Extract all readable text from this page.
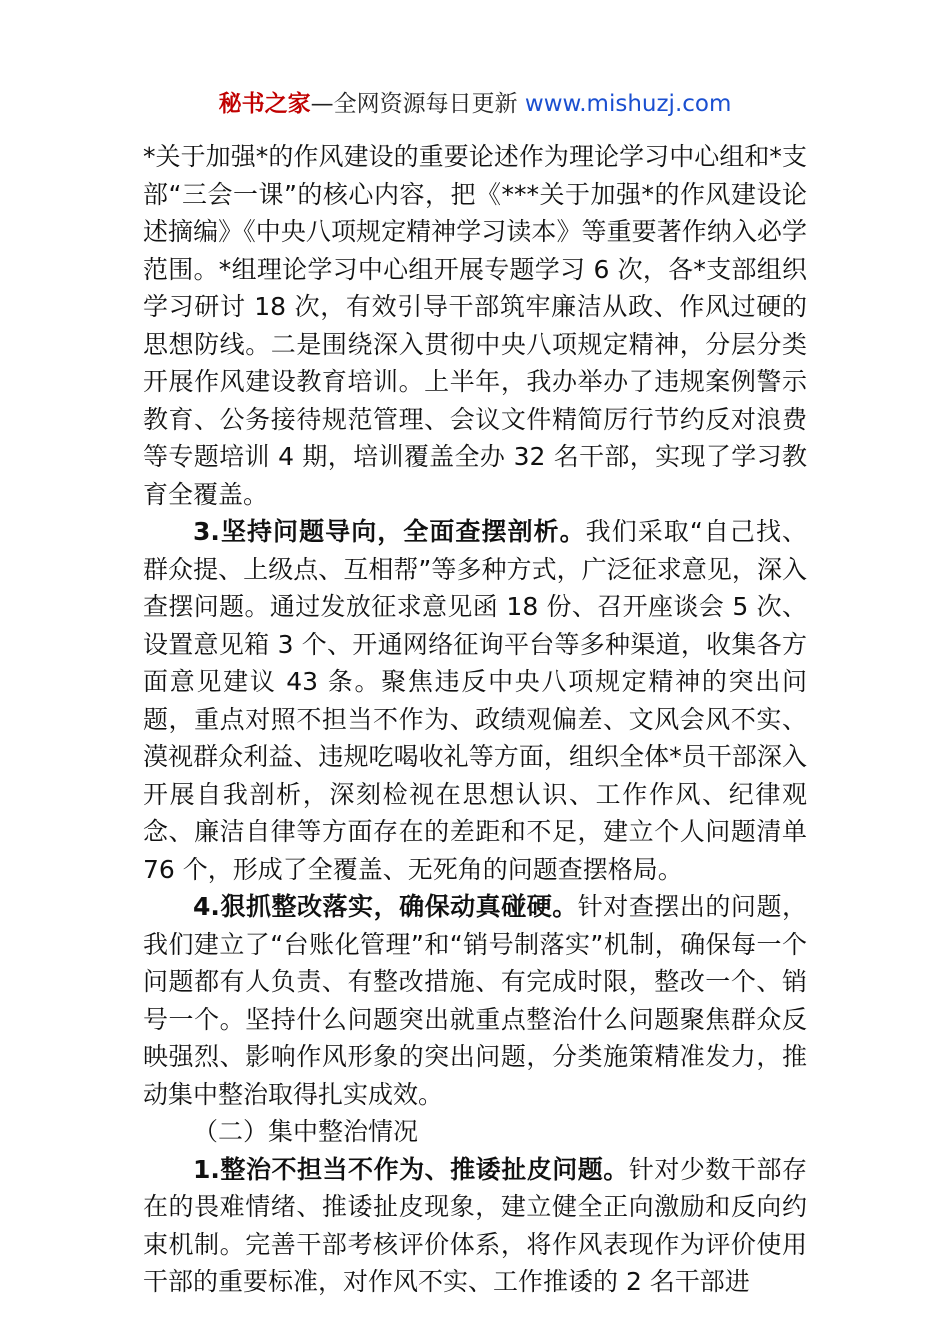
秘书之家—全网资源每日更新 www.mishuzj.com

*关于加强*的作风建设的重要论述作为理论学习中心组和*支部“三会一课”的核心内容，把《***关于加强*的作风建设论述摘编》《中央八项规定精神学习读本》等重要著作纳入必学范围。*组理论学习中心组开展专题学习 6 次，各*支部组织学习研讨 18 次，有效引导干部筑牢廉洁从政、作风过硬的思想防线。二是围绕深入贯彻中央八项规定精神，分层分类开展作风建设教育培训。上半年，我办举办了违规案例警示教育、公务接待规范管理、会议文件精简厉行节约反对浪费等专题培训 4 期，培训覆盖全办 32 名干部，实现了学习教育全覆盖。

3.坚持问题导向，全面查摆剖析。我们采取“自己找、群众提、上级点、互相帮”等多种方式，广泛征求意见，深入查摆问题。通过发放征求意见函 18 份、召开座谈会 5 次、设置意见箱 3 个、开通网络征询平台等多种渠道，收集各方面意见建议 43 条。聚焦违反中央八项规定精神的突出问题，重点对照不担当不作为、政绩观偏差、文风会风不实、漠视群众利益、违规吃喝收礼等方面，组织全体*员干部深入开展自我剖析，深刻检视在思想认识、工作作风、纪律观念、廉洁自律等方面存在的差距和不足，建立个人问题清单 76 个，形成了全覆盖、无死角的问题查摆格局。

4.狠抓整改落实，确保动真碰硬。针对查摆出的问题，我们建立了“台账化管理”和“销号制落实”机制，确保每一个问题都有人负责、有整改措施、有完成时限，整改一个、销号一个。坚持什么问题突出就重点整治什么问题聚焦群众反映强烈、影响作风形象的突出问题，分类施策精准发力，推动集中整治取得扎实成效。

（二）集中整治情况

1.整治不担当不作为、推诿扯皮问题。针对少数干部存在的畏难情绪、推诿扯皮现象，建立健全正向激励和反向约束机制。完善干部考核评价体系，将作风表现作为评价使用干部的重要标准，对作风不实、工作推诿的 2 名干部进
